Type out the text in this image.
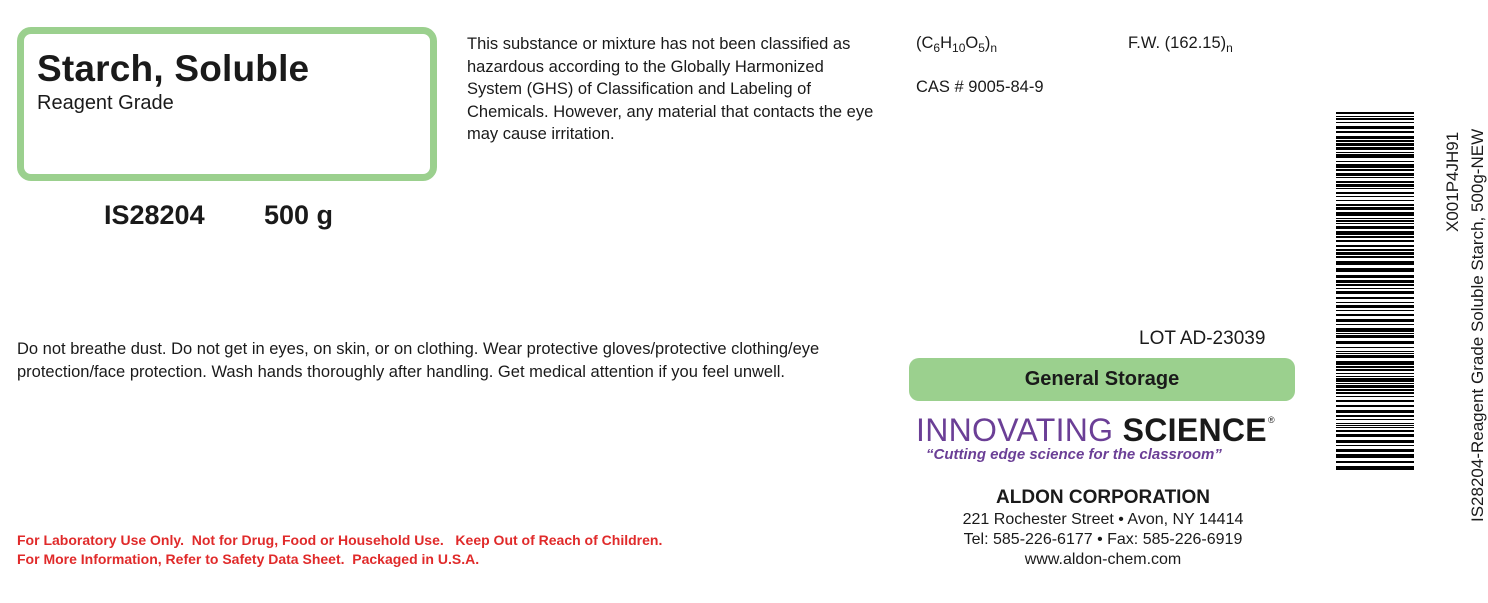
Starch, Soluble
Reagent Grade
IS28204 500 g
This substance or mixture has not been classified as hazardous according to the Globally Harmonized System (GHS) of Classification and Labeling of Chemicals. However, any material that contacts the eye may cause irritation.
$(C_6H_{10}O_5)_n$	F.W. $(162.15)_n$
CAS # 9005-84-9
Do not breathe dust. Do not get in eyes, on skin, or on clothing. Wear protective gloves/protective clothing/eye protection/face protection. Wash hands thoroughly after handling. Get medical attention if you feel unwell.
LOT AD-23039
General Storage
INNOVATING SCIENCE®
“Cutting edge science for the classroom”
ALDON CORPORATION
221 Rochester Street • Avon, NY 14414
Tel: 585-226-6177 • Fax: 585-226-6919
www.aldon-chem.com
For Laboratory Use Only.  Not for Drug, Food or Household Use.   Keep Out of Reach of Children.
For More Information, Refer to Safety Data Sheet.  Packaged in U.S.A.
X001P4JH91 IS28204-Reagent Grade Soluble Starch, 500g-NEW
